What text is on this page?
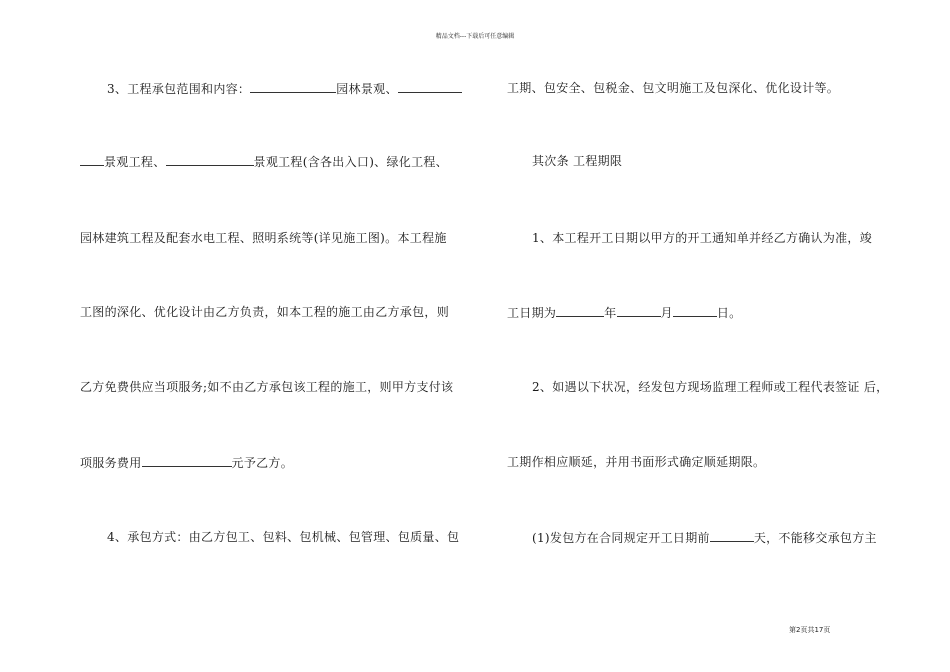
精品文档---下载后可任意编辑
3、工程承包范围和内容：	园林景观、
景观工程、	景观工程(含各出入口)、绿化工程、
园林建筑工程及配套水电工程、照明系统等(详见施工图)。本工程施
工图的深化、优化设计由乙方负责，如本工程的施工由乙方承包，则
乙方免费供应当项服务;如不由乙方承包该工程的施工，则甲方支付该
项服务费用	元予乙方。
4、承包方式：由乙方包工、包料、包机械、包管理、包质量、包
工期、包安全、包税金、包文明施工及包深化、优化设计等。
其次条 工程期限
1、本工程开工日期以甲方的开工通知单并经乙方确认为准，竣
工日期为	年	月	日。
2、如遇以下状况，经发包方现场监理工程师或工程代表签证 后，
工期作相应顺延，并用书面形式确定顺延期限。
(1)发包方在合同规定开工日期前	天，不能移交承包方主
第2页共17页
